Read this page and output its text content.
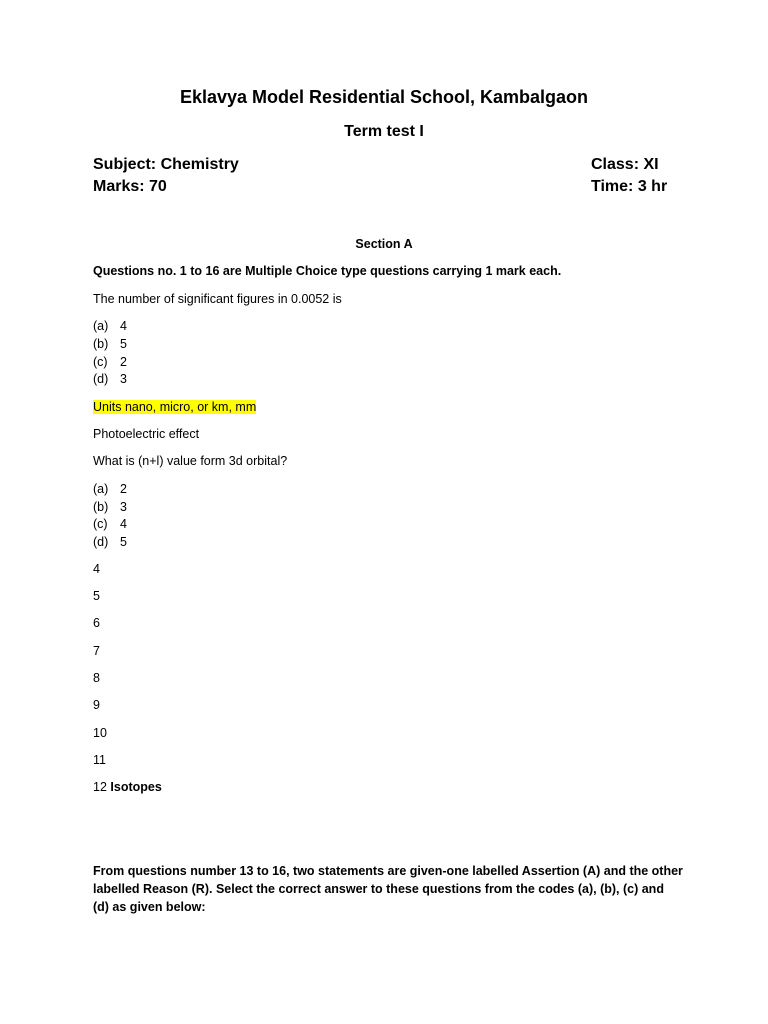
Eklavya Model Residential School, Kambalgaon
Term test I
Subject: Chemistry	Class: XI
Marks: 70	Time: 3 hr
Section A
Questions no. 1 to 16 are Multiple Choice type questions carrying 1 mark each.
The number of significant figures in 0.0052 is
(a) 4
(b) 5
(c) 2
(d) 3
Units nano, micro, or km, mm
Photoelectric effect
What is (n+l) value form 3d orbital?
(a) 2
(b) 3
(c) 4
(d) 5
4
5
6
7
8
9
10
11
12 Isotopes
From questions number 13 to 16, two statements are given-one labelled Assertion (A) and the other labelled Reason (R). Select the correct answer to these questions from the codes (a), (b), (c) and (d) as given below:
